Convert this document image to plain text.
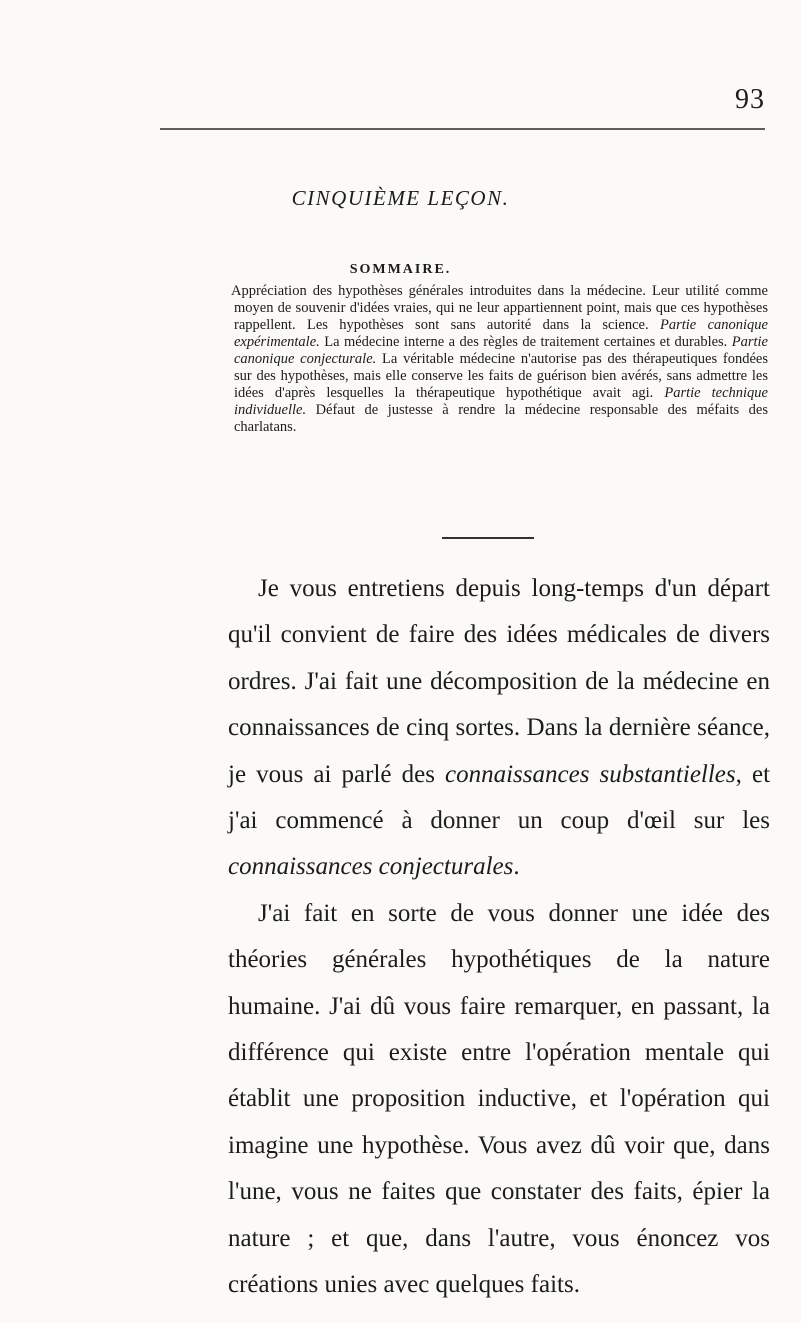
93
CINQUIÈME LEÇON.
SOMMAIRE.

Appréciation des hypothèses générales introduites dans la médecine. Leur utilité comme moyen de souvenir d'idées vraies, qui ne leur appartiennent point, mais que ces hypothèses rappellent. Les hypothèses sont sans autorité dans la science. Partie canonique expérimentale. La médecine interne a des règles de traitement certaines et durables. Partie canonique conjecturale. La véritable médecine n'autorise pas des thérapeutiques fondées sur des hypothèses, mais elle conserve les faits de guérison bien avérés, sans admettre les idées d'après lesquelles la thérapeutique hypothétique avait agi. Partie technique individuelle. Défaut de justesse à rendre la médecine responsable des méfaits des charlatans.

Je vous entretiens depuis long-temps d'un départ qu'il convient de faire des idées médicales de divers ordres. J'ai fait une décomposition de la médecine en connaissances de cinq sortes. Dans la dernière séance, je vous ai parlé des connaissances substantielles, et j'ai commencé à donner un coup d'œil sur les connaissances conjecturales.

J'ai fait en sorte de vous donner une idée des théories générales hypothétiques de la nature humaine. J'ai dû vous faire remarquer, en passant, la différence qui existe entre l'opération mentale qui établit une proposition inductive, et l'opération qui imagine une hypothèse. Vous avez dû voir que, dans l'une, vous ne faites que constater des faits, épier la nature ; et que, dans l'autre, vous énoncez vos créations unies avec quelques faits.
